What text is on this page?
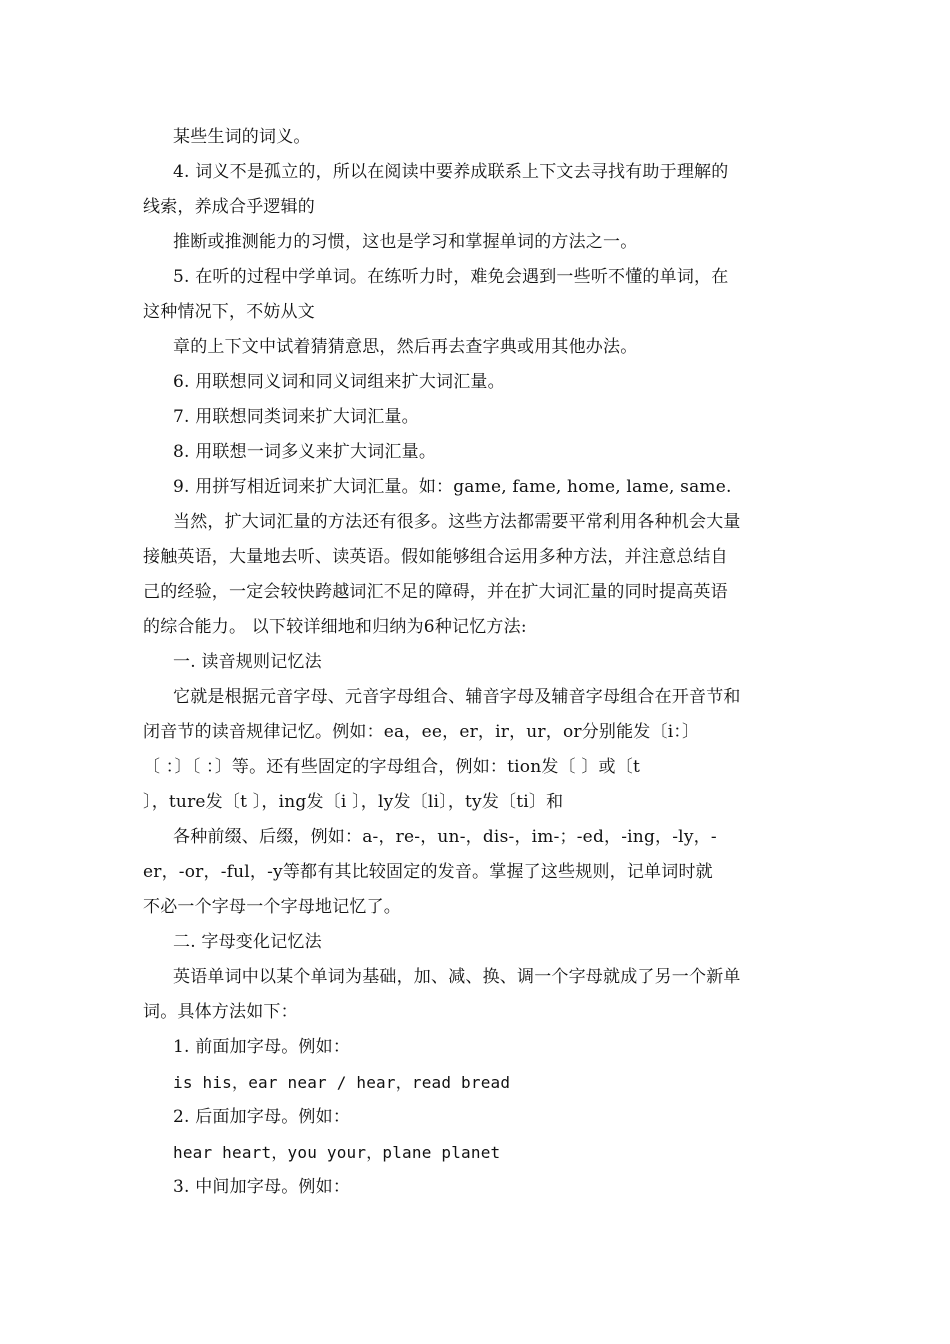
某些生词的词义。
4. 词义不是孤立的，所以在阅读中要养成联系上下文去寻找有助于理解的
线索，养成合乎逻辑的
推断或推测能力的习惯，这也是学习和掌握单词的方法之一。
5. 在听的过程中学单词。在练听力时，难免会遇到一些听不懂的单词，在
这种情况下，不妨从文
章的上下文中试着猜猜意思，然后再去查字典或用其他办法。
6. 用联想同义词和同义词组来扩大词汇量。
7. 用联想同类词来扩大词汇量。
8. 用联想一词多义来扩大词汇量。
9. 用拼写相近词来扩大词汇量。如：game, fame, home, lame, same.
当然，扩大词汇量的方法还有很多。这些方法都需要平常利用各种机会大量
接触英语，大量地去听、读英语。假如能够组合运用多种方法，并注意总结自
己的经验，一定会较快跨越词汇不足的障碍，并在扩大词汇量的同时提高英语
的综合能力。 以下较详细地和归纳为6种记忆方法:
一. 读音规则记忆法
它就是根据元音字母、元音字母组合、辅音字母及辅音字母组合在开音节和
闭音节的读音规律记忆。例如：ea，ee，er，ir，ur，or分别能发〔i：〕
〔 ：〕〔 ：〕等。还有些固定的字母组合，例如：tion发〔 〕或〔t
〕，ture发〔t 〕，ing发〔i 〕，ly发〔li〕，ty发〔ti〕和
各种前缀、后缀，例如：a-，re-，un-，dis-，im-；-ed，-ing，-ly，-
er，-or，-ful，-y等都有其比较固定的发音。掌握了这些规则，记单词时就
不必一个字母一个字母地记忆了。
二. 字母变化记忆法
英语单词中以某个单词为基础，加、减、换、调一个字母就成了另一个新单
词。具体方法如下：
1. 前面加字母。例如：
is his，ear near / hear，read bread
2. 后面加字母。例如：
hear heart，you your，plane planet
3. 中间加字母。例如：
